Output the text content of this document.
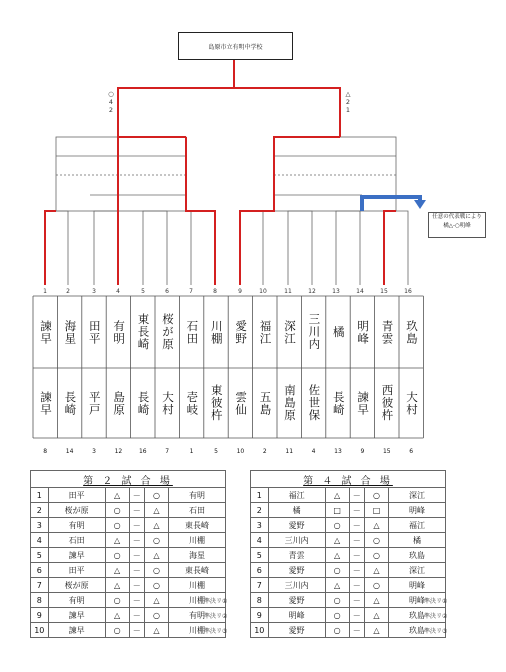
○
4
2
△
2
1
1	2	3	4	5	6	7	8	9	10	11	12	13	14	15	16
島原市立有明中学校
任意の代表戦により
橘△-○明峰
諫早 海星 田平 有明 東長崎 桜が原 石田 川棚 愛野 福江 深江 三川内 橘 明峰 青雲 玖島
諫早 長崎 平戸 島原 長崎 大村 壱岐 東彼杵 雲仙 五島 南島原 佐世保 長崎 諫早 西彼杵 大村
8	14	3	12	16	7	1	5	10	2	11	4	13	9	15	6
第 ２ 試 合 場					
1	田平	△	－	○	有明
2	桜が原	○	－	△	石田
3	有明	○	－	△	東長崎
4	石田	△	－	○	川棚
5	諫早	○	－	△	海星
6	田平	△	－	○	東長崎
7	桜が原	△	－	○	川棚
8	有明	○	－	△	川棚
9	諫早	△	－	○	有明
10	諫早	○	－	△	川棚
第 ４ 試 合 場					
1	福江	△	－	○	深江
2	橘	□	－	□	明峰
3	愛野	○	－	△	福江
4	三川内	△	－	○	橘
5	青雲	△	－	○	玖島
6	愛野	○	－	△	深江
7	三川内	△	－	○	明峰
8	愛野	○	－	△	明峰
9	明峰	○	－	△	玖島
10	愛野	○	－	△	玖島
準決リ①
準決リ②
準決リ③
準決リ①
準決リ②
準決リ③
